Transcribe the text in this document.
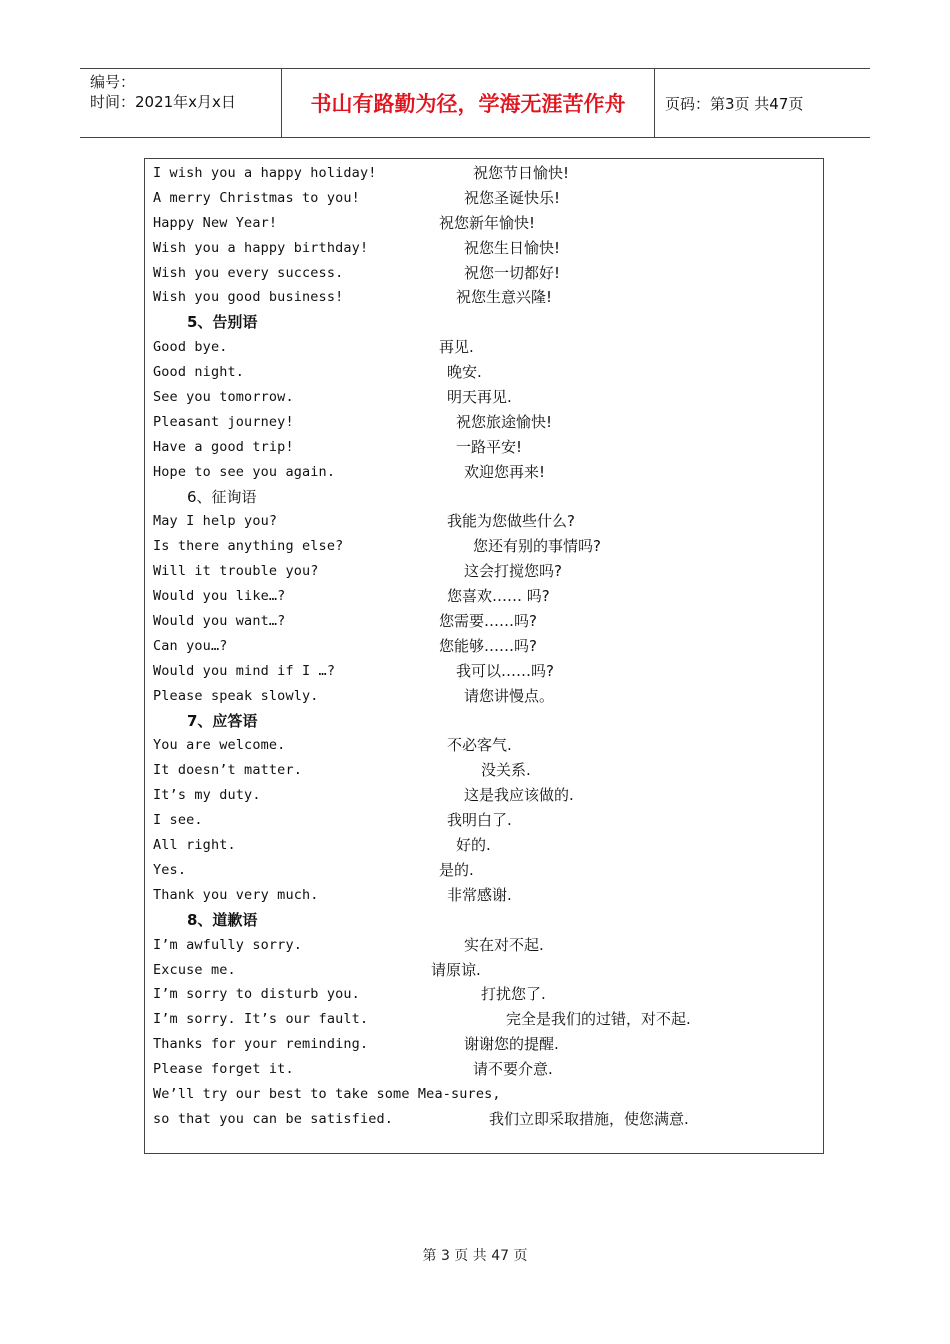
编号：
时间：2021年x月x日	书山有路勤为径，学海无涯苦作舟	页码：第3页 共47页
I wish you a happy holiday!	祝您节日愉快!
A merry Christmas to you!	祝您圣诞快乐!
Happy New Year!	祝您新年愉快!
Wish you a happy birthday!	祝您生日愉快!
Wish you every success.	祝您一切都好!
Wish you good business!	祝您生意兴隆!
5、告别语
Good bye.	再见.
Good night.	晚安.
See you tomorrow.	明天再见.
Pleasant journey!	祝您旅途愉快!
Have a good trip!	一路平安!
Hope to see you again.	欢迎您再来!
6、征询语
May I help you?	我能为您做些什么?
Is there anything else?	您还有别的事情吗?
Will it trouble you?	这会打搅您吗?
Would you like…?	您喜欢…… 吗?
Would you want…?	您需要……吗?
Can you…?	您能够……吗?
Would you mind if I …?	我可以……吗?
Please speak slowly.	请您讲慢点。
7、应答语
You are welcome.	不必客气.
It doesn’t matter.	没关系.
It’s my duty.	这是我应该做的.
I see.	我明白了.
All right.	好的.
Yes.	是的.
Thank you very much.	非常感谢.
8、道歉语
I’m awfully sorry.	实在对不起.
Excuse me.	请原谅.
I’m sorry to disturb you.	打扰您了.
I’m sorry. It’s our fault.	完全是我们的过错，对不起.
Thanks for your reminding.	谢谢您的提醒.
Please forget it.	请不要介意.
We’ll try our best to take some Mea-sures,
so that you can be satisfied.	我们立即采取措施，使您满意.
第 3 页 共 47 页
